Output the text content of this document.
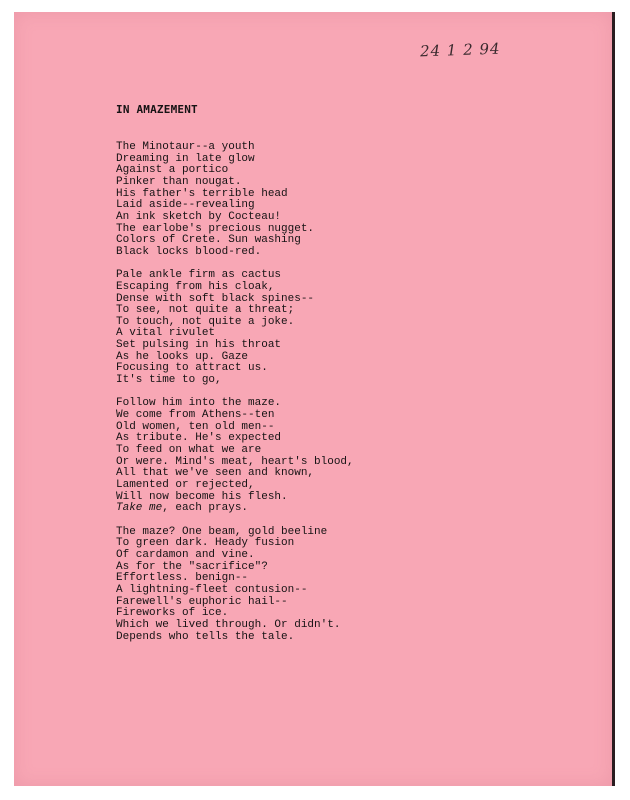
24 1 2 94
IN AMAZEMENT
The Minotaur--a youth
Dreaming in late glow
Against a portico
Pinker than nougat.
His father's terrible head
Laid aside--revealing
An ink sketch by Cocteau!
The earlobe's precious nugget.
Colors of Crete. Sun washing
Black locks blood-red.
Pale ankle firm as cactus
Escaping from his cloak,
Dense with soft black spines--
To see, not quite a threat;
To touch, not quite a joke.
A vital rivulet
Set pulsing in his throat
As he looks up. Gaze
Focusing to attract us.
It's time to go,
Follow him into the maze.
We come from Athens--ten
Old women, ten old men--
As tribute. He's expected
To feed on what we are
Or were. Mind's meat, heart's blood,
All that we've seen and known,
Lamented or rejected,
Will now become his flesh.
Take me, each prays.
The maze? One beam, gold beeline
To green dark. Heady fusion
Of cardamon and vine.
As for the "sacrifice"?
Effortless. benign--
A lightning-fleet contusion--
Farewell's euphoric hail--
Fireworks of ice.
Which we lived through. Or didn't.
Depends who tells the tale.
